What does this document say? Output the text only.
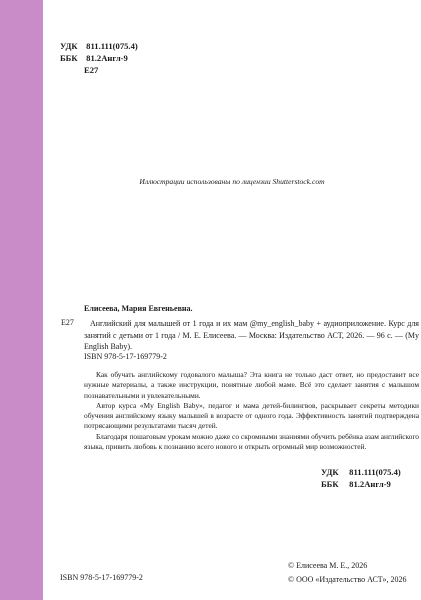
УДК 811.111(075.4)
ББК 81.2Англ-9
Е27
Иллюстрации использованы по лицензии Shutterstock.com
Елисеева, Мария Евгеньевна.
Е27	Английский для малышей от 1 года и их мам @my_english_baby + аудиоприложение. Курс для занятий с детьми от 1 года / М. Е. Елисеева. — Москва: Издательство АСТ, 2026. — 96 с. — (My English Baby).

ISBN 978-5-17-169779-2

Как обучать английскому годовалого малыша? Эта книга не только даст ответ, но предоставит все нужные материалы, а также инструкции, понятные любой маме. Всё это сделает занятия с малышом познавательными и увлекательными.

Автор курса «My English Baby», педагог и мама детей-билингвов, раскрывает секреты методики обучения английскому языку малышей в возрасте от одного года. Эффективность занятий подтверждена потрясающими результатами тысяч детей.

Благодаря пошаговым урокам можно даже со скромными знаниями обучить ребёнка азам английского языка, привить любовь к познанию всего нового и открыть огромный мир возможностей.

УДК 811.111(075.4)
ББК 81.2Англ-9
ISBN 978-5-17-169779-2
© Елисеева М. Е., 2026
© ООО «Издательство АСТ», 2026
